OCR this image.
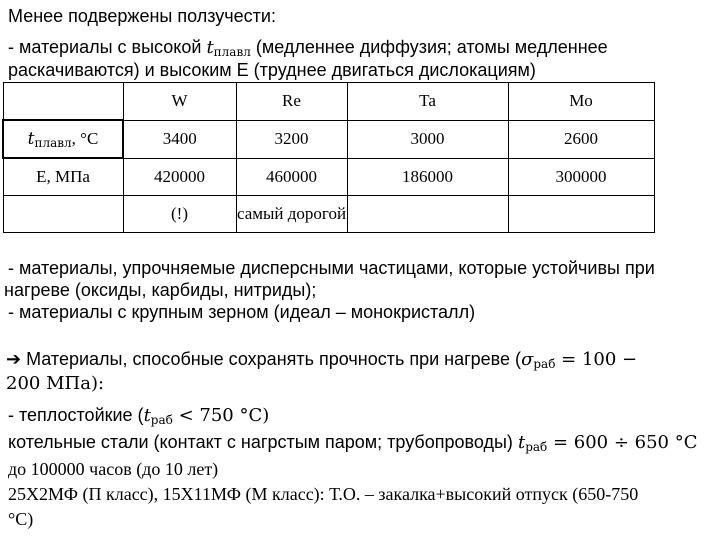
Менее подвержены ползучести:
- материалы с высокой $t_{плавл}$ (медленнее диффузия; атомы медленнее
раскачиваются) и высоким Е (труднее двигаться дислокациям)
	W	Re	Ta	Mo
$t_{плавл}$, °С	3400	3200	3000	2600
Е, МПа	420000	460000	186000	300000
	(!)	самый дорогой		
- материалы, упрочняемые дисперсными частицами, которые устойчивы при
нагреве (оксиды, карбиды, нитриды);
- материалы с крупным зерном (идеал – монокристалл)
➔ Материалы, способные сохранять прочность при нагреве ($\sigma_{раб} = 100$ −
200 МПа):
- теплостойкие ($t_{раб} < 750$ °С)
котельные стали (контакт с нагрстым паром; трубопроводы) $t_{раб} = 600 \div 650$ °С
до 100000 часов (до 10 лет)
25Х2МФ (П класс), 15Х11МФ (М класс): Т.О. – закалка+высокий отпуск (650-750
°С)
